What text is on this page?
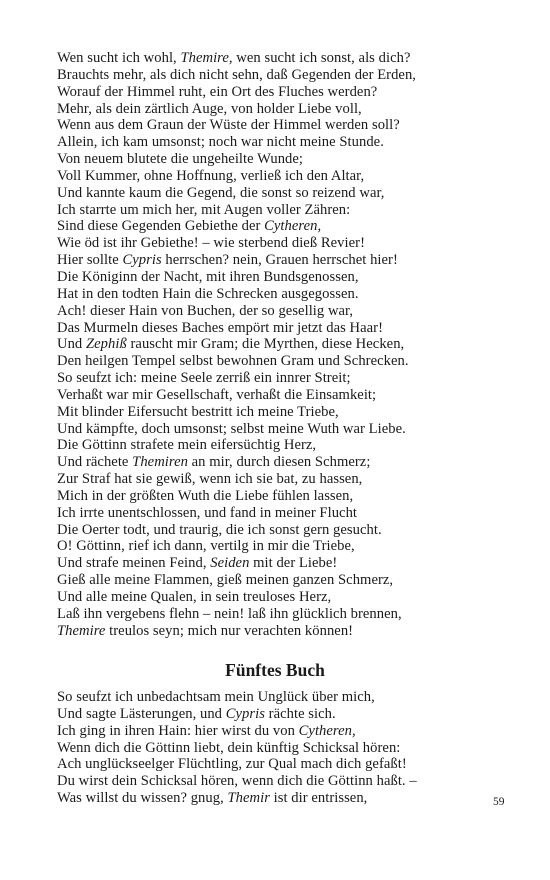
Wen sucht ich wohl, Themire, wen sucht ich sonst, als dich?
Brauchts mehr, als dich nicht sehn, daß Gegenden der Erden,
Worauf der Himmel ruht, ein Ort des Fluches werden?
Mehr, als dein zärtlich Auge, von holder Liebe voll,
Wenn aus dem Graun der Wüste der Himmel werden soll?
Allein, ich kam umsonst; noch war nicht meine Stunde.
Von neuem blutete die ungeheilte Wunde;
Voll Kummer, ohne Hoffnung, verließ ich den Altar,
Und kannte kaum die Gegend, die sonst so reizend war,
Ich starrte um mich her, mit Augen voller Zähren:
Sind diese Gegenden Gebiethe der Cytheren,
Wie öd ist ihr Gebiethe! – wie sterbend dieß Revier!
Hier sollte Cypris herrschen? nein, Grauen herrschet hier!
Die Königinn der Nacht, mit ihren Bundsgenossen,
Hat in den todten Hain die Schrecken ausgegossen.
Ach! dieser Hain von Buchen, der so gesellig war,
Das Murmeln dieses Baches empört mir jetzt das Haar!
Und Zephiß rauscht mir Gram; die Myrthen, diese Hecken,
Den heilgen Tempel selbst bewohnen Gram und Schrecken.
So seufzt ich: meine Seele zerriß ein innrer Streit;
Verhaßt war mir Gesellschaft, verhaßt die Einsamkeit;
Mit blinder Eifersucht bestritt ich meine Triebe,
Und kämpfte, doch umsonst; selbst meine Wuth war Liebe.
Die Göttinn strafete mein eifersüchtig Herz,
Und rächete Themiren an mir, durch diesen Schmerz;
Zur Straf hat sie gewiß, wenn ich sie bat, zu hassen,
Mich in der größten Wuth die Liebe fühlen lassen,
Ich irrte unentschlossen, und fand in meiner Flucht
Die Oerter todt, und traurig, die ich sonst gern gesucht.
O! Göttinn, rief ich dann, vertilg in mir die Triebe,
Und strafe meinen Feind, Seiden mit der Liebe!
Gieß alle meine Flammen, gieß meinen ganzen Schmerz,
Und alle meine Qualen, in sein treuloses Herz,
Laß ihn vergebens flehn – nein! laß ihn glücklich brennen,
Themire treulos seyn; mich nur verachten können!
Fünftes Buch
So seufzt ich unbedachtsam mein Unglück über mich,
Und sagte Lästerungen, und Cypris rächte sich.
Ich ging in ihren Hain: hier wirst du von Cytheren,
Wenn dich die Göttinn liebt, dein künftig Schicksal hören:
Ach unglückseelger Flüchtling, zur Qual mach dich gefaßt!
Du wirst dein Schicksal hören, wenn dich die Göttinn haßt. –
Was willst du wissen? gnug, Themir ist dir entrissen,	59
